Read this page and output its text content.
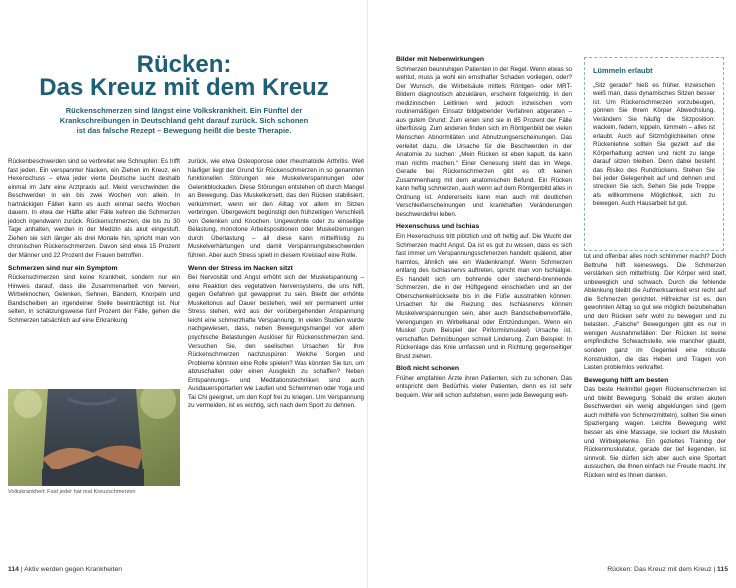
Rücken:
Das Kreuz mit dem Kreuz
Rückenschmerzen sind längst eine Volkskrankheit. Ein Fünftel der Krankschreibungen in Deutschland geht darauf zurück. Sich schonen ist das falsche Rezept – Bewegung heißt die beste Therapie.

Rückenbeschwerden sind so verbreitet wie Schnupfen: Es trifft fast jeden. Ein verspannter Nacken, ein Ziehen im Kreuz, ein Hexenschuss – etwa jeder vierte Deutsche sucht deshalb einmal im Jahr eine Arztpraxis auf. Meist verschwinden die Beschwerden in ein bis zwei Wochen von allein. In hartnäckigen Fällen kann es auch einmal sechs Wochen dauern. In etwa der Hälfte aller Fälle kehren die Schmerzen jedoch irgendwann zurück. Rückenschmerzen, die bis zu 30 Tage anhalten, werden in der Medizin als akut eingestuft. Ziehen sie sich länger als drei Monate hin, spricht man von chronischen Rückenschmerzen. Davon sind etwa 15 Prozent der Männer und 22 Prozent der Frauen betroffen.

Schmerzen sind nur ein Symptom

Rückenschmerzen sind keine Krankheit, sondern nur ein Hinweis darauf, dass die Zusammenarbeit von Nerven, Wirbelknochen, Gelenken, Sehnen, Bändern, Knorpeln und Bandscheiben an irgendeiner Stelle beeinträchtigt ist. Nur selten, in schätzungsweise fünf Prozent der Fälle, gehen die Schmerzen tatsächlich auf eine Erkrankung

Volkskrankheit: Fast jeder hat mal Kreuzschmerzen

zurück, wie etwa Osteoporose oder rheumatoide Arthritis. Weit häufiger liegt der Grund für Rückenschmerzen in so genannten funktionellen Störungen wie Muskelverspannungen oder Gelenkblockaden. Diese Störungen entstehen oft durch Mangel an Bewegung. Das Muskelkorsett, das den Rücken stabilisiert, verkümmert, wenn wir den Alltag vor allem im Sitzen verbringen. Übergewicht begünstigt den frühzeitigen Verschleiß von Gelenken und Knochen. Ungewohnte oder zu einseitige Belastung, monotone Arbeitspositionen oder Muskelzerrungen durch Überlastung – all diese kann mittelfristig zu Muskelverhärtungen und damit Verspannungsbeschwerden führen. Aber auch Stress spielt in diesem Kreislauf eine Rolle.

Wenn der Stress im Nacken sitzt

Bei Nervosität und Angst erhöht sich der Muskelspannung – eine Reaktion des vegetativen Nervensystems, die uns hilft, gegen Gefahren gut gewappnet zu sein. Bleibt der erhöhte Muskeltonus auf Dauer bestehen, weil wir permanent unter Stress stehen, wird aus der vorübergehenden Anspannung leicht eine schmerzhafte Verspannung. In vielen Studien wurde nachgewiesen, dass, neben Bewegungsmangel vor allem psychische Belastungen Auslöser für Rückenschmerzen sind. Versuchen Sie, den seelischen Ursachen für Ihre Rückenschmerzen nachzuspüren: Welche Sorgen und Probleme könnten eine Rolle spielen? Was könnten Sie tun, um abzuschalten oder einen Ausgleich zu schaffen? Neben Entspannungs- und Meditationstechniken sind auch Ausdauersportarten wie Laufen und Schwimmen oder Yoga und Tai Chi geeignet, um den Kopf frei zu kriegen. Um Verspannung zu vermeiden, ist es wichtig, sich nach dem Sport zu dehnen.

114 | Aktiv werden gegen Krankheiten
Bilder mit Nebenwirkungen

Schmerzen beunruhigen Patienten in der Regel. Wenn etwas so wehtut, muss ja wohl ein ernsthafter Schaden vorliegen, oder? Der Wunsch, die Wirbelsäule mittels Röntgen- oder MRT-Bildern diagnostisch abzuklären, erscheint folgerichtig. In den medizinischen Leitlinien wird jedoch inzwischen vom routinemäßigen Einsatz bildgebender Verfahren abgeraten – aus gutem Grund: Zum einen sind sie in 85 Prozent der Fälle überflüssig. Zum anderen finden sich im Röntgenbild bei vielen Menschen Abnormitäten und Abnutzungserscheinungen. Das verleitet dazu, die Ursache für die Beschwerden in der Anatomie zu suchen: „Mein Rücken ist eben kaputt, da kann man nichts machen.“ Einer Genesung steht das im Wege. Gerade bei Rückenschmerzen gibt es oft keinen Zusammenhang mit dem anatomischen Befund. Ein Rücken kann heftig schmerzen, auch wenn auf dem Röntgenbild alles in Ordnung ist. Andererseits kann man auch mit deutlichen Verschleißerscheinungen und krankhaften Veränderungen beschwerdefrei leben.

Hexenschuss und Ischias

Ein Hexenschuss tritt plötzlich und oft heftig auf. Die Wucht der Schmerzen macht Angst. Da ist es gut zu wissen, dass es sich fast immer um Verspannungsschmerzen handelt: quälend, aber harmlos, ähnlich wie ein Wadenkrampf. Wenn Schmerzen entlang des Ischiasnervs auftreten, spricht man von Ischialgie. Es handelt sich um bohrende oder stechend-brennende Schmerzen, die in der Hüftgegend einschießen und an der Oberschenkelrückseite bis in die Füße ausstrahlen können. Ursachen für die Reizung des Ischiasnervs können Muskelverspannungen sein, aber auch Bandscheibenvorfälle, Verengungen im Wirbelkanal oder Entzündungen. Wenn ein Muskel (zum Beispiel der Piriformismuskel) Ursache ist, verschaffen Dehnübungen schnell Linderung. Zum Beispiel: In Rückenlage das Knie umfassen und in Richtung gegenseitiger Brust ziehen.

Bloß nicht schonen

Früher empfahlen Ärzte ihren Patienten, sich zu schonen. Das entspricht dem Bedürfnis vieler Patienten, denn es ist sehr bequem. Wer will schon aufstehen, wenn jede Bewegung weh-

Lümmeln erlaubt

„Sitz gerade!“ hieß es früher. Inzwischen weiß man, dass dynamisches Sitzen besser ist. Um Rückenschmerzen vorzubeugen, gönnen Sie Ihrem Körper Abwechslung. Verändern Sie häufig die Sitzposition: wackeln, federn, kippeln, lümmeln – alles ist erlaubt. Auch auf Sitzmöglichkeiten ohne Rückenlehne sollten Sie gezielt auf die Körperhaltung achten und nicht zu lange darauf sitzen bleiben. Denn dabei besteht das Risiko des Rundrückens. Stehen Sie bei jeder Gelegenheit auf und dehnen und strecken Sie sich. Sehen Sie jede Treppe als willkommene Möglichkeit, sich zu bewegen. Auch Hausarbeit tut gut.

tut und offenbar alles noch schlimmer macht? Doch Bettruhe hilft keineswegs. Die Schmerzen verstärken sich mittelfristig. Der Körper wird steif, unbeweglich und schwach. Durch die fehlende Ablenkung bleibt die Aufmerksamkeit erst recht auf die Schmerzen gerichtet. Hilfreicher ist es, den gewohnten Alltag so gut wie möglich beizubehalten und den Rücken sehr wohl zu bewegen und zu belasten. „Falsche“ Bewegungen gibt es nur in wenigen Ausnahmefällen: Der Rücken ist keine empfindliche Schwachstelle, wie mancher glaubt, sondern ganz im Gegenteil eine robuste Konstruktion, die das Heben und Tragen von Lasten problemlos verkraftet.

Bewegung hilft am besten

Das beste Heilmittel gegen Rückenschmerzen ist und bleibt Bewegung. Sobald die ersten akuten Beschwerden ein wenig abgeklungen sind (gern auch mithilfe von Schmerzmitteln), sollten Sie einen Spaziergang wagen. Leichte Bewegung wirkt besser als eine Massage, sie lockert die Muskeln und Wirbelgelenke. Ein gezieltes Training der Rückenmuskulatur, gerade der tief liegenden, ist sinnvoll. Sie dürfen sich aber auch eine Sportart aussuchen, die Ihnen einfach nur Freude macht. Ihr Rücken wird es Ihnen danken.

Rücken: Das Kreuz mit dem Kreuz | 115
